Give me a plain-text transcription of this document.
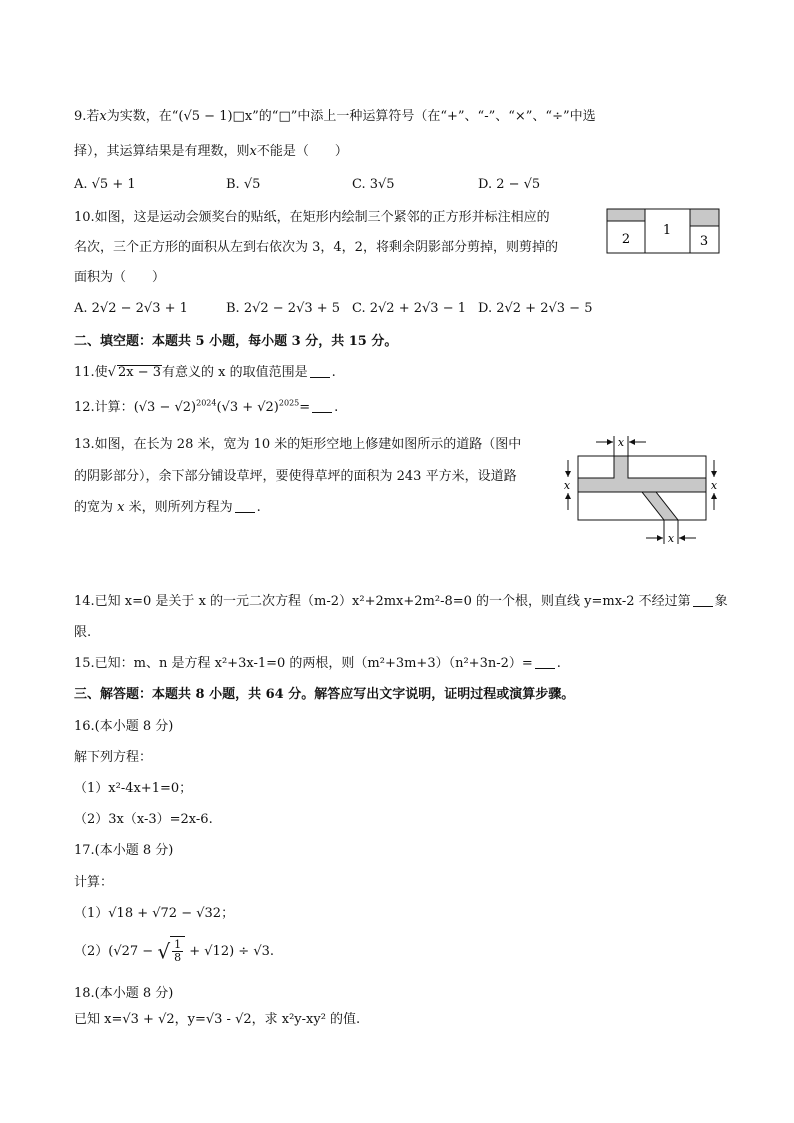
9.若x为实数，在“(√5 − 1)□x”的“□”中添上一种运算符号（在“+”、“-”、“×”、“÷”中选
择），其运算结果是有理数，则x不能是（　　）
A. √5 + 1	B. √5	C. 3√5	D. 2 − √5
10.如图，这是运动会颁奖台的贴纸，在矩形内绘制三个紧邻的正方形并标注相应的
名次，三个正方形的面积从左到右依次为 3，4，2，将剩余阴影部分剪掉，则剪掉的
面积为（　　）
2
1
3
A. 2√2 − 2√3 + 1	B. 2√2 − 2√3 + 5 C. 2√2 + 2√3 − 1 D. 2√2 + 2√3 − 5
二、填空题：本题共 5 小题，每小题 3 分，共 15 分。
11.使√ 2x − 3有意义的 x 的取值范围是 .
12.计算：$(√3 - √2)^{2024}(√3 + √2)^{2025}=$ .
13.如图，在长为 28 米，宽为 10 米的矩形空地上修建如图所示的道路（图中
的阴影部分），余下部分铺设草坪，要使得草坪的面积为 243 平方米，设道路
的宽为 x 米，则所列方程为 .
x
x	x
x
14.已知 x=0 是关于 x 的一元二次方程（m-2）x²+2mx+2m²-8=0 的一个根，则直线 y=mx-2 不经过第 象
限.
15.已知：m、n 是方程 x²+3x-1=0 的两根，则（m²+3m+3）（n²+3n-2）= .
三、解答题：本题共 8 小题，共 64 分。解答应写出文字说明，证明过程或演算步骤。
16.(本小题 8 分)
解下列方程：
（1）x²-4x+1=0；
（2）3x（x-3）=2x-6.
17.(本小题 8 分)
计算：
（1）√18 + √72 − √32；
（2）(√27 − √ $\frac{1}{8} + √12) \div √3$.
18.(本小题 8 分)
已知 x=√3 + √2，y=√3 - √2，求 x²y-xy² 的值.
